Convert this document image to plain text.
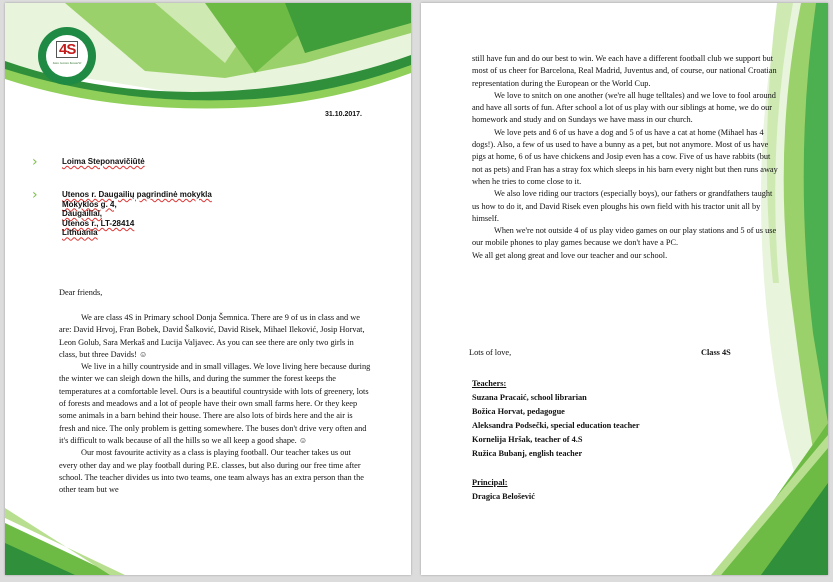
4S
Ivan Goran Kovačić
31.10.2017.
›	Loima Steponavičiūtė
›	Utenos r. Daugailių pagrindinė mokykla
Mokyklos g. 4,
Daugailiai,
Utenos r., LT-28414
Lithuania
Dear friends,

We are class 4S in Primary school Donja Šemnica. There are 9 of us in class and we are: David Hrvoj, Fran Bobek, David Šalković, David Risek, Mihael Ileković, Josip Horvat, Leon Golub, Sara Merkaš and Lucija Valjavec. As you can see there are only two girls in class, but three Davids! ☺

We live in a hilly countryside and in small villages. We love living here because during the winter we can sleigh down the hills, and during the summer the forest keeps the temperatures at a comfortable level. Ours is a beautiful countryside with lots of greenery, lots of forests and meadows and a lot of people have their own small farms here. Or they keep some animals in a barn behind their house. There are also lots of birds here and the air is fresh and nice. The only problem is getting somewhere. The buses don't drive very often and it's difficult to walk because of all the hills so we all keep a good shape. ☺

Our most favourite activity as a class is playing football. Our teacher takes us out every other day and we play football during P.E. classes, but also during our free time after school. The teacher divides us into two teams, one team always has an extra person than the other team but we

still have fun and do our best to win. We each have a different football club we support but most of us cheer for Barcelona, Real Madrid, Juventus and, of course, our national Croatian representation during the European or the World Cup.

We love to snitch on one another (we're all huge telltales) and we love to fool around and have all sorts of fun. After school a lot of us play with our siblings at home, we do our homework and study and on Sundays we have mass in our church.

We love pets and 6 of us have a dog and 5 of us have a cat at home (Mihael has 4 dogs!). Also, a few of us used to have a bunny as a pet, but not anymore. Most of us have pigs at home, 6 of us have chickens and Josip even has a cow. Five of us have rabbits (but not as pets) and Fran has a stray fox which sleeps in his barn every night but then runs away when he tries to come close to it.

We also love riding our tractors (especially boys), our fathers or grandfathers taught us how to do it, and David Risek even ploughs his own field with his tractor unit all by himself.

When we're not outside 4 of us play video games on our play stations and 5 of us use our mobile phones to play games because we don't have a PC.

We all get along great and love our teacher and our school.

Lots of love,	Class 4S
Teachers:
Suzana Pracaić, school librarian
Božica Horvat, pedagogue
Aleksandra Podsečki, special education teacher
Kornelija Hršak, teacher of 4.S
Ružica Bubanj, english teacher
Principal:
Dragica Belošević
